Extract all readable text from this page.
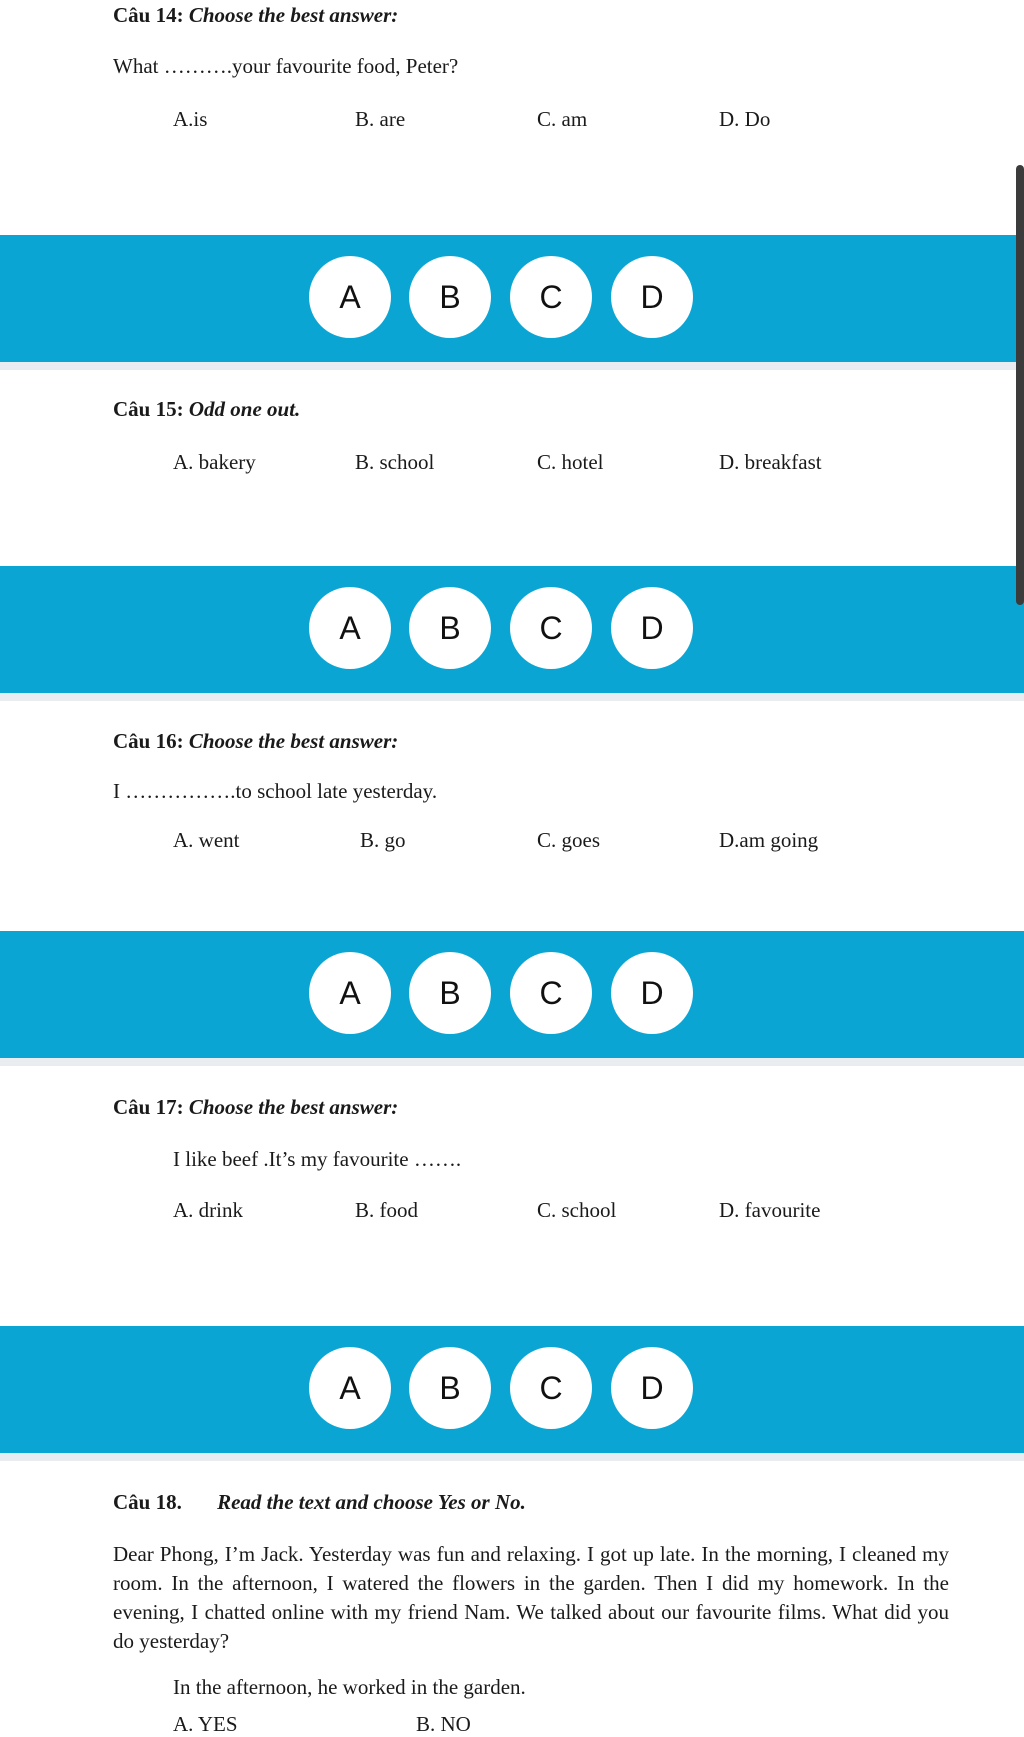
Câu 14: Choose the best answer:
What ……….your favourite food, Peter?
A.is	B. are	C. am	D. Do
A	B	C	D
Câu 15: Odd one out.
A. bakery	B. school	C. hotel	D. breakfast
A	B	C	D
Câu 16: Choose the best answer:
I …………….to school late yesterday.
A. went	B. go	C. goes	D.am going
A	B	C	D
Câu 17: Choose the best answer:
I like beef .It’s my favourite …….
A. drink	B. food	C. school	D. favourite
A	B	C	D
Câu 18. Read the text and choose Yes or No.
Dear Phong, I’m Jack. Yesterday was fun and relaxing. I got up late. In the morning, I cleaned my room. In the afternoon, I watered the flowers in the garden. Then I did my homework. In the evening, I chatted online with my friend Nam. We talked about our favourite films. What did you do yesterday?
In the afternoon, he worked in the garden.
A. YES	B. NO
